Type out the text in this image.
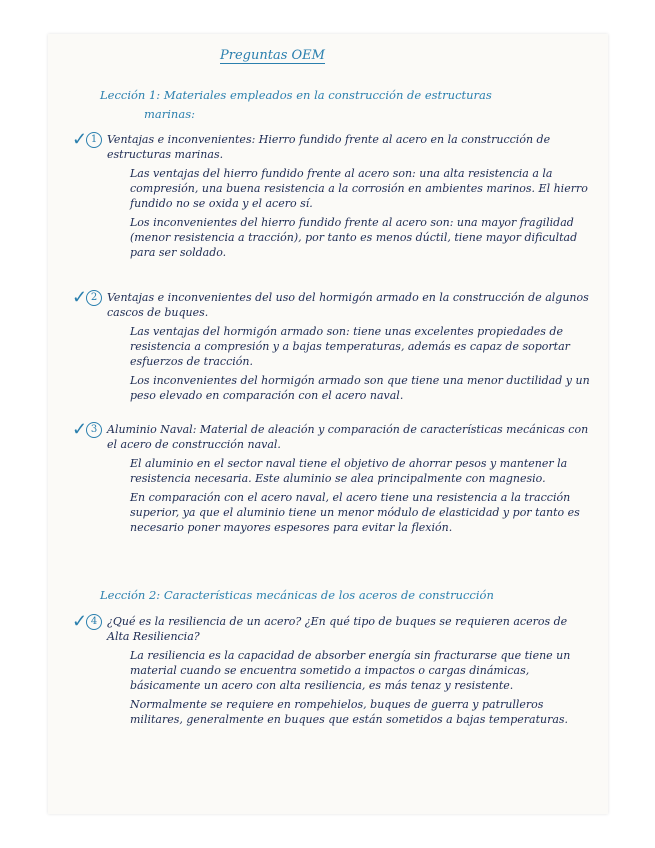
Preguntas OEM
Lección 1: Materiales empleados en la construcción de estructuras
marinas:
✓ 1 Ventajas e inconvenientes: Hierro fundido frente al acero en la construcción de estructuras marinas.
Las ventajas del hierro fundido frente al acero son: una alta resistencia a la compresión, una buena resistencia a la corrosión en ambientes marinos. El hierro fundido no se oxida y el acero sí.
Los inconvenientes del hierro fundido frente al acero son: una mayor fragilidad (menor resistencia a tracción), por tanto es menos dúctil, tiene mayor dificultad para ser soldado.
✓ 2 Ventajas e inconvenientes del uso del hormigón armado en la construcción de algunos cascos de buques.
Las ventajas del hormigón armado son: tiene unas excelentes propiedades de resistencia a compresión y a bajas temperaturas, además es capaz de soportar esfuerzos de tracción.
Los inconvenientes del hormigón armado son que tiene una menor ductilidad y un peso elevado en comparación con el acero naval.
✓ 3 Aluminio Naval: Material de aleación y comparación de características mecánicas con el acero de construcción naval.
El aluminio en el sector naval tiene el objetivo de ahorrar pesos y mantener la resistencia necesaria. Este aluminio se alea principalmente con magnesio.
En comparación con el acero naval, el acero tiene una resistencia a la tracción superior, ya que el aluminio tiene un menor módulo de elasticidad y por tanto es necesario poner mayores espesores para evitar la flexión.
Lección 2: Características mecánicas de los aceros de construcción
✓ 4 ¿Qué es la resiliencia de un acero? ¿En qué tipo de buques se requieren aceros de Alta Resiliencia?
La resiliencia es la capacidad de absorber energía sin fracturarse que tiene un material cuando se encuentra sometido a impactos o cargas dinámicas, básicamente un acero con alta resiliencia, es más tenaz y resistente.
Normalmente se requiere en rompehielos, buques de guerra y patrulleros militares, generalmente en buques que están sometidos a bajas temperaturas.
